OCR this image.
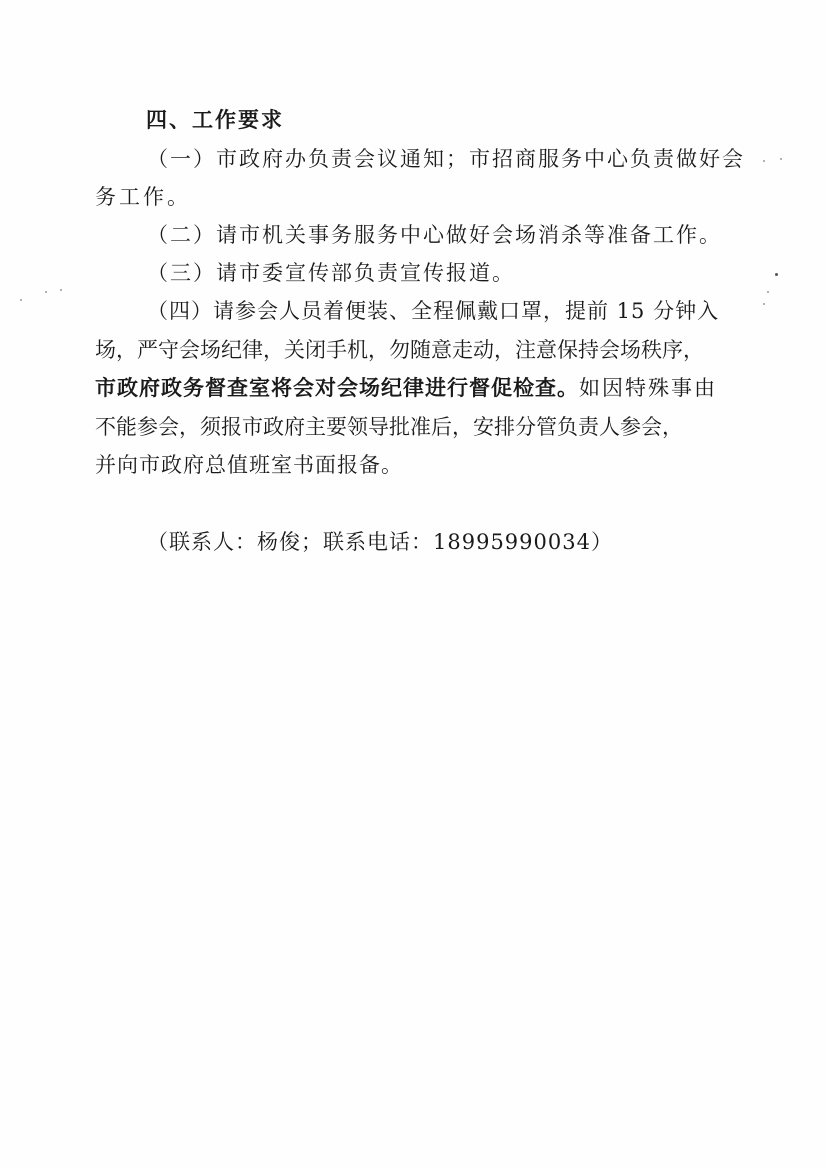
四、工作要求
（一）市政府办负责会议通知；市招商服务中心负责做好会
务工作。
（二）请市机关事务服务中心做好会场消杀等准备工作。
（三）请市委宣传部负责宣传报道。
（四）请参会人员着便装、全程佩戴口罩，提前 15 分钟入
场，严守会场纪律，关闭手机，勿随意走动，注意保持会场秩序，
市政府政务督查室将会对会场纪律进行督促检查。如因特殊事由
不能参会，须报市政府主要领导批准后，安排分管负责人参会，
并向市政府总值班室书面报备。
（联系人：杨俊；联系电话：18995990034）
